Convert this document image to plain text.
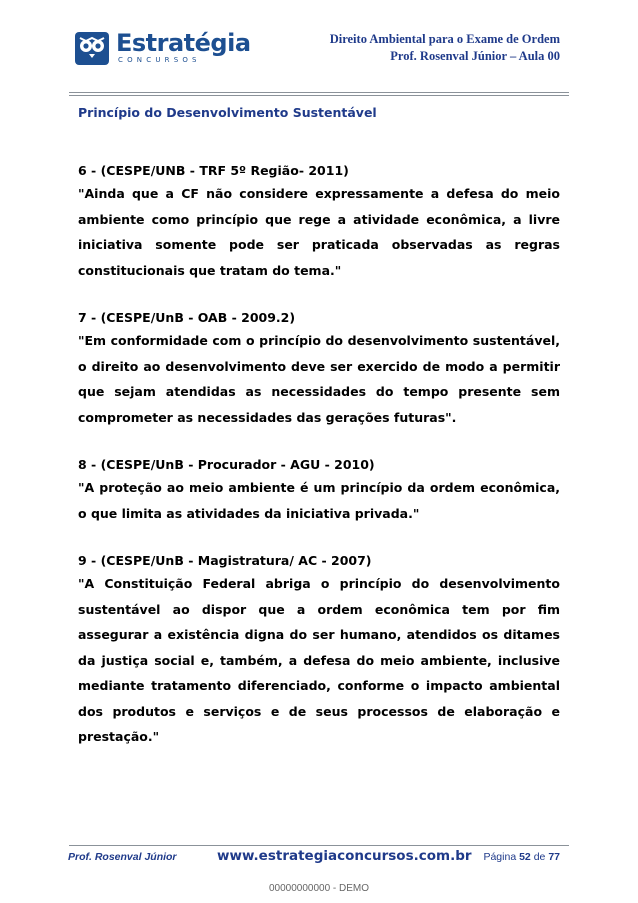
Estratégia
CONCURSOS
Direito Ambiental para o Exame de Ordem
Prof. Rosenval Júnior – Aula 00
Princípio do Desenvolvimento Sustentável

6 - (CESPE/UNB - TRF 5º Região- 2011)

"Ainda que a CF não considere expressamente a defesa do meio ambiente como princípio que rege a atividade econômica, a livre iniciativa somente pode ser praticada observadas as regras constitucionais que tratam do tema."

7 - (CESPE/UnB - OAB - 2009.2)

"Em conformidade com o princípio do desenvolvimento sustentável, o direito ao desenvolvimento deve ser exercido de modo a permitir que sejam atendidas as necessidades do tempo presente sem comprometer as necessidades das gerações futuras".

8 - (CESPE/UnB - Procurador - AGU - 2010)

"A proteção ao meio ambiente é um princípio da ordem econômica, o que limita as atividades da iniciativa privada."

9 - (CESPE/UnB - Magistratura/ AC - 2007)

"A Constituição Federal abriga o princípio do desenvolvimento sustentável ao dispor que a ordem econômica tem por fim assegurar a existência digna do ser humano, atendidos os ditames da justiça social e, também, a defesa do meio ambiente, inclusive mediante tratamento diferenciado, conforme o impacto ambiental dos produtos e serviços e de seus processos de elaboração e prestação."

Prof. Rosenval Júnior	www.estrategiaconcursos.com.br Página 52 de 77
00000000000 - DEMO
